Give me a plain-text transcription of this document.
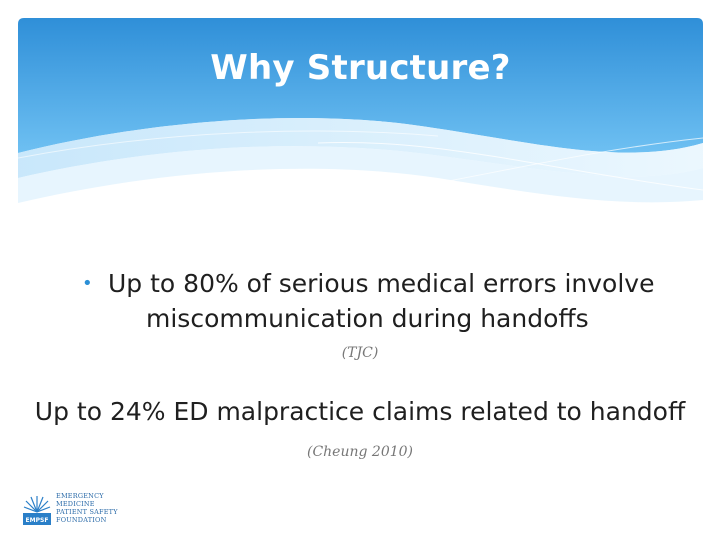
Why Structure?
• Up to 80% of serious medical errors involve
miscommunication during handoffs
(TJC)
Up to 24% ED malpractice claims related to handoff
(Cheung 2010)
EMPSF
EMERGENCY
MEDICINE
PATIENT SAFETY
FOUNDATION
